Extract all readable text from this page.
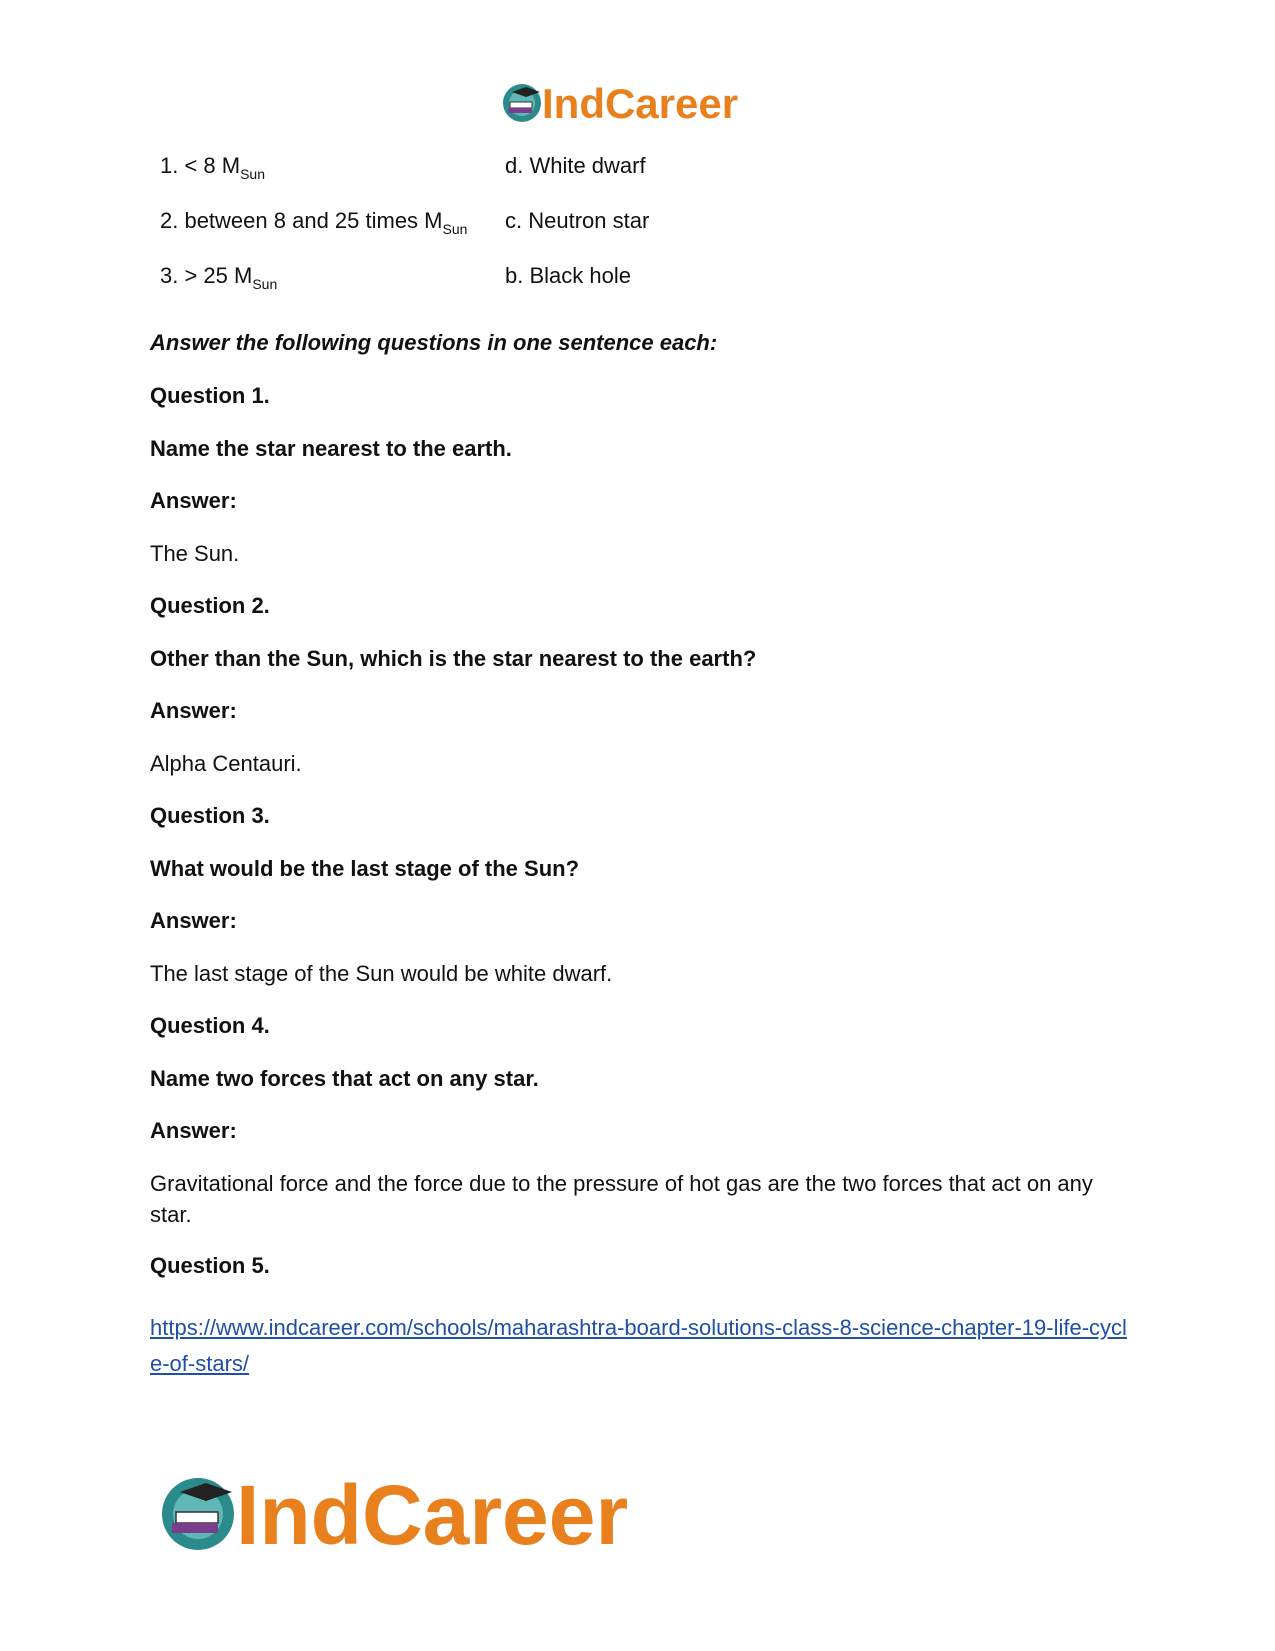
IndCareer
1. < 8 $M_{Sun}$	d. White dwarf
2. between 8 and 25 times $M_{Sun}$ c. Neutron star
3. > 25 $M_{Sun}$	b. Black hole
Answer the following questions in one sentence each:
Question 1.
Name the star nearest to the earth.
Answer:
The Sun.
Question 2.
Other than the Sun, which is the star nearest to the earth?
Answer:
Alpha Centauri.
Question 3.
What would be the last stage of the Sun?
Answer:
The last stage of the Sun would be white dwarf.
Question 4.
Name two forces that act on any star.
Answer:
Gravitational force and the force due to the pressure of hot gas are the two forces that act on any star.
Question 5.
https://www.indcareer.com/schools/maharashtra-board-solutions-class-8-science-chapter-19-life-cycle-of-stars/
IndCareer
